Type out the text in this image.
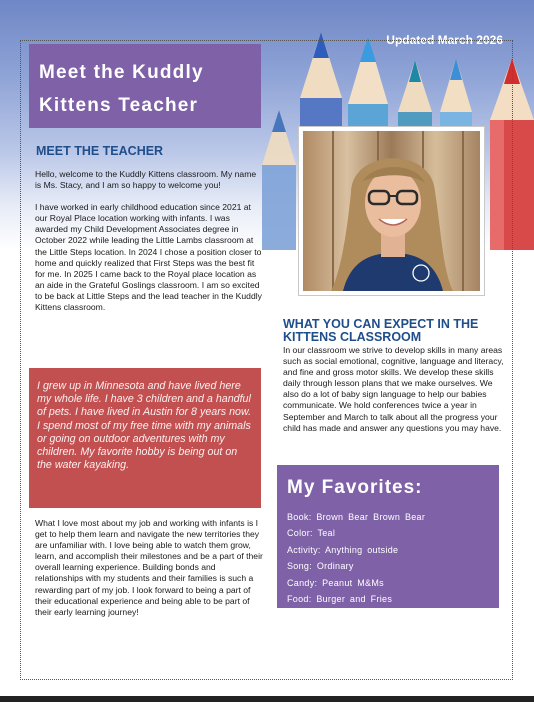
Updated March 2026
Meet the Kuddly
Kittens Teacher
MEET THE TEACHER

Hello, welcome to the Kuddly Kittens classroom. My name is Ms. Stacy, and I am so happy to welcome you!

I have worked in early childhood education since 2021 at our Royal Place location working with infants. I was awarded my Child Development Associates degree in October 2022 while leading the Little Lambs classroom at the Little Steps location. In 2024 I chose a position closer to home and quickly realized that First Steps was the best fit for me. In 2025 I came back to the Royal place location as an aide in the Grateful Goslings classroom. I am so excited to be back at Little Steps and the lead teacher in the Kuddly Kittens classroom.

WHAT YOU CAN EXPECT IN THE
KITTENS CLASSROOM
In our classroom we strive to develop skills in many areas such as social emotional, cognitive, language and literacy, and fine and gross motor skills. We develop these skills daily through lesson plans that we make ourselves. We also do a lot of baby sign language to help our babies communicate. We hold conferences twice a year in September and March to talk about all the progress your child has made and answer any questions you may have.
I grew up in Minnesota and have lived here my whole life. I have 3 children and a handful of pets. I have lived in Austin for 8 years now. I spend most of my free time with my animals or going on outdoor adventures with my children. My favorite hobby is being out on the water kayaking.
What I love most about my job and working with infants is I get to help them learn and navigate the new territories they are unfamiliar with. I love being able to watch them grow, learn, and accomplish their milestones and be a part of their overall learning experience. Building bonds and relationships with my students and their families is such a rewarding part of my job. I look forward to being a part of their educational experience and being able to be part of their early learning journey!
My Favorites:
Book: Brown Bear Brown Bear
Color: Teal
Activity: Anything outside
Song: Ordinary
Candy: Peanut M&Ms
Food: Burger and Fries
